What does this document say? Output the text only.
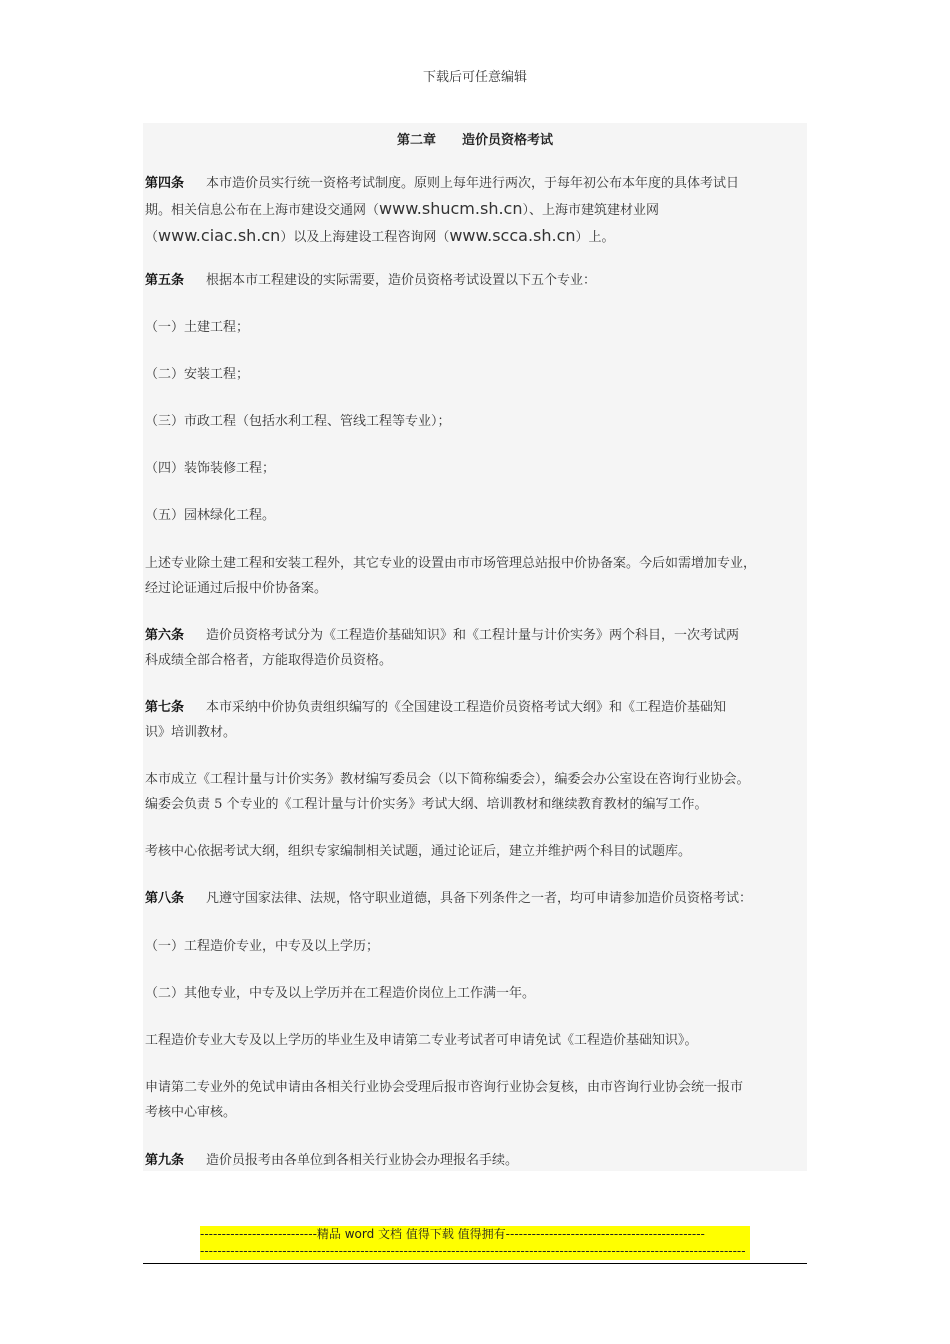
下载后可任意编辑
第二章　　造价员资格考试
第四条 本市造价员实行统一资格考试制度。原则上每年进行两次，于每年初公布本年度的具体考试日
期。相关信息公布在上海市建设交通网（www.shucm.sh.cn）、上海市建筑建材业网
（www.ciac.sh.cn）以及上海建设工程咨询网（www.scca.sh.cn）上。
第五条 根据本市工程建设的实际需要，造价员资格考试设置以下五个专业：
（一）土建工程；
（二）安装工程；
（三）市政工程（包括水利工程、管线工程等专业）；
（四）装饰装修工程；
（五）园林绿化工程。
上述专业除土建工程和安装工程外，其它专业的设置由市市场管理总站报中价协备案。今后如需增加专业，
经过论证通过后报中价协备案。
第六条 造价员资格考试分为《工程造价基础知识》和《工程计量与计价实务》两个科目，一次考试两
科成绩全部合格者，方能取得造价员资格。
第七条 本市采纳中价协负责组织编写的《全国建设工程造价员资格考试大纲》和《工程造价基础知
识》培训教材。
本市成立《工程计量与计价实务》教材编写委员会（以下简称编委会），编委会办公室设在咨询行业协会。
编委会负责 5 个专业的《工程计量与计价实务》考试大纲、培训教材和继续教育教材的编写工作。
考核中心依据考试大纲，组织专家编制相关试题，通过论证后，建立并维护两个科目的试题库。
第八条 凡遵守国家法律、法规，恪守职业道德，具备下列条件之一者，均可申请参加造价员资格考试：
（一）工程造价专业，中专及以上学历；
（二）其他专业，中专及以上学历并在工程造价岗位上工作满一年。
工程造价专业大专及以上学历的毕业生及申请第二专业考试者可申请免试《工程造价基础知识》。
申请第二专业外的免试申请由各相关行业协会受理后报市咨询行业协会复核，由市咨询行业协会统一报市
考核中心审核。
第九条 造价员报考由各单位到各相关行业协会办理报名手续。
---------------------------精品 word 文档 值得下载 值得拥有----------------------------------------------
------------------------------------------------------------------------------------------------------------------------------
